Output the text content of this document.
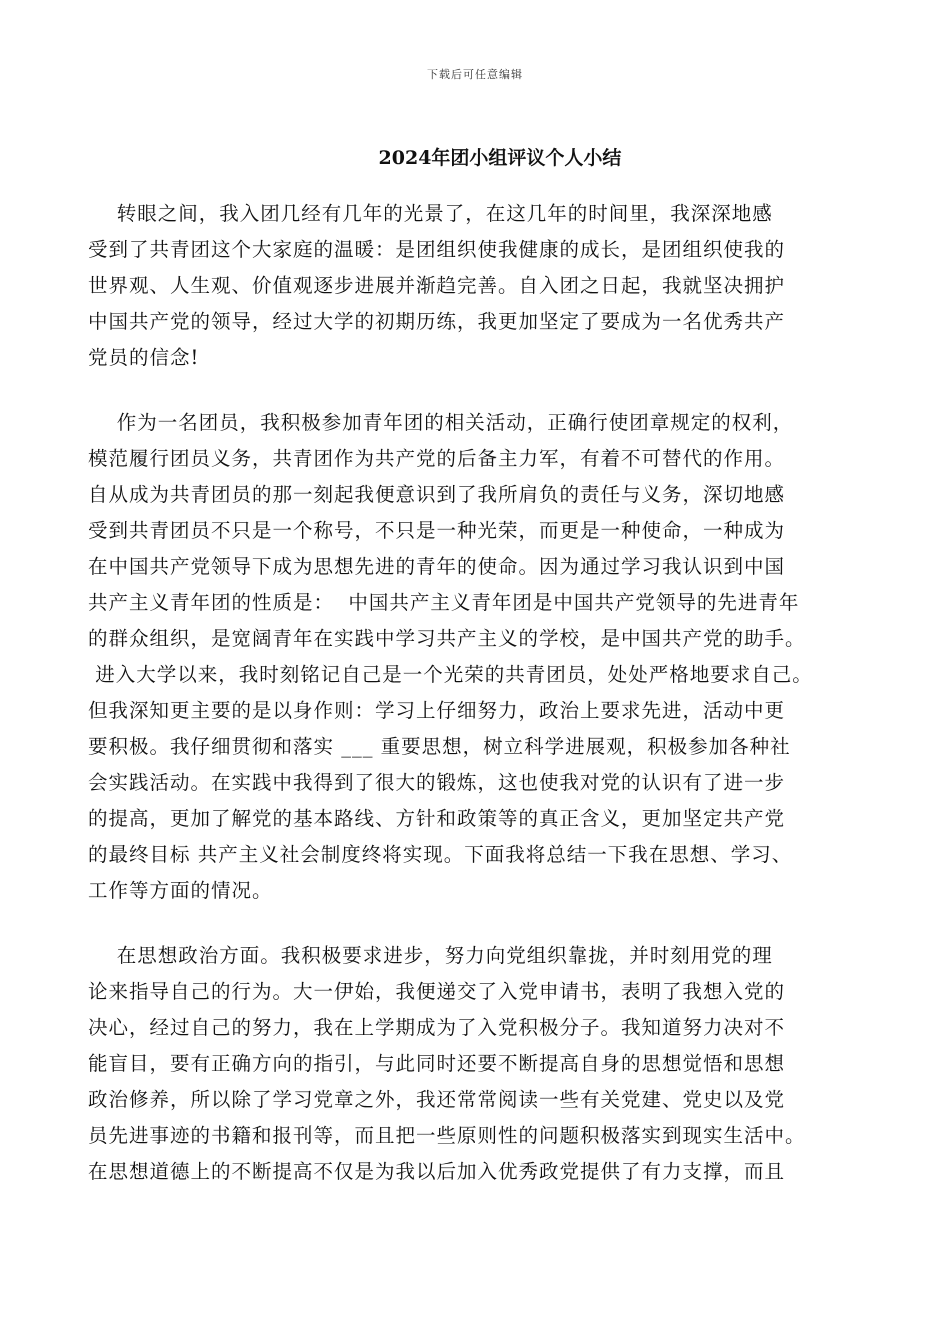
下载后可任意编辑
2024年团小组评议个人小结
转眼之间，我入团几经有几年的光景了，在这几年的时间里，我深深地感
受到了共青团这个大家庭的温暖：是团组织使我健康的成长，是团组织使我的
世界观、人生观、价值观逐步进展并渐趋完善。自入团之日起，我就坚决拥护
中国共产党的领导，经过大学的初期历练，我更加坚定了要成为一名优秀共产
党员的信念!
作为一名团员，我积极参加青年团的相关活动，正确行使团章规定的权利，
模范履行团员义务，共青团作为共产党的后备主力军，有着不可替代的作用。
自从成为共青团员的那一刻起我便意识到了我所肩负的责任与义务，深切地感
受到共青团员不只是一个称号，不只是一种光荣，而更是一种使命，一种成为
在中国共产党领导下成为思想先进的青年的使命。因为通过学习我认识到中国
共产主义青年团的性质是：  中国共产主义青年团是中国共产党领导的先进青年
的群众组织，是宽阔青年在实践中学习共产主义的学校，是中国共产党的助手。
进入大学以来，我时刻铭记自己是一个光荣的共青团员，处处严格地要求自己。
但我深知更主要的是以身作则：学习上仔细努力，政治上要求先进，活动中更
要积极。我仔细贯彻和落实 ___ 重要思想，树立科学进展观，积极参加各种社
会实践活动。在实践中我得到了很大的锻炼，这也使我对党的认识有了进一步
的提高，更加了解党的基本路线、方针和政策等的真正含义，更加坚定共产党
的最终目标 共产主义社会制度终将实现。下面我将总结一下我在思想、学习、
工作等方面的情况。
在思想政治方面。我积极要求进步，努力向党组织靠拢，并时刻用党的理
论来指导自己的行为。大一伊始，我便递交了入党申请书，表明了我想入党的
决心，经过自己的努力，我在上学期成为了入党积极分子。我知道努力决对不
能盲目，要有正确方向的指引，与此同时还要不断提高自身的思想觉悟和思想
政治修养，所以除了学习党章之外，我还常常阅读一些有关党建、党史以及党
员先进事迹的书籍和报刊等，而且把一些原则性的问题积极落实到现实生活中。
在思想道德上的不断提高不仅是为我以后加入优秀政党提供了有力支撑，而且
